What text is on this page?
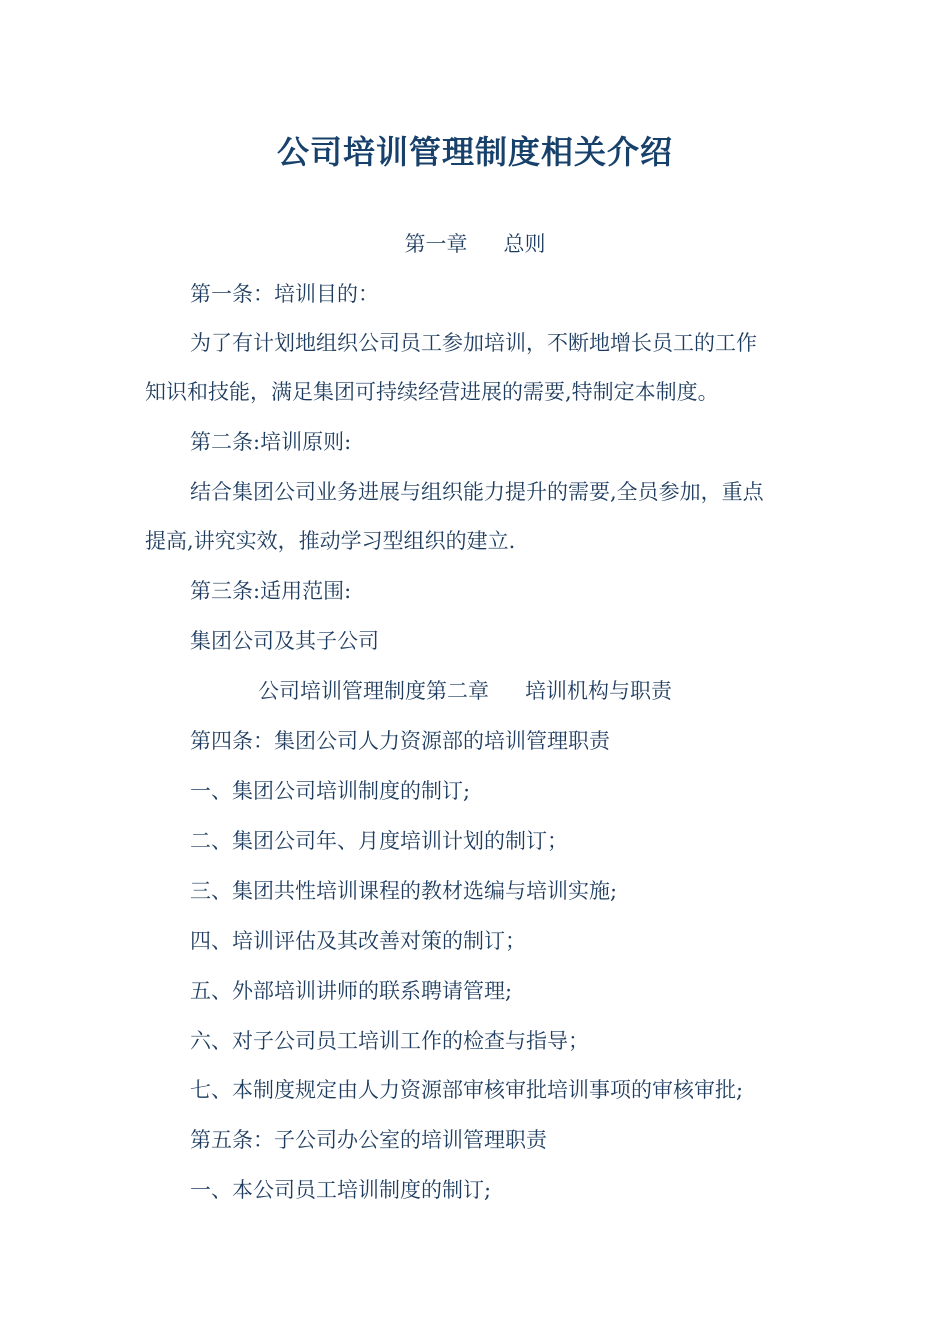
公司培训管理制度相关介绍
第一章 总则
第一条：培训目的：
为了有计划地组织公司员工参加培训，不断地增长员工的工作
知识和技能，满足集团可持续经营进展的需要,特制定本制度。
第二条:培训原则:
结合集团公司业务进展与组织能力提升的需要,全员参加，重点
提高,讲究实效，推动学习型组织的建立.
第三条:适用范围:
集团公司及其子公司
公司培训管理制度第二章 培训机构与职责
第四条：集团公司人力资源部的培训管理职责
一、集团公司培训制度的制订;
二、集团公司年、月度培训计划的制订；
三、集团共性培训课程的教材选编与培训实施;
四、培训评估及其改善对策的制订；
五、外部培训讲师的联系聘请管理;
六、对子公司员工培训工作的检查与指导；
七、本制度规定由人力资源部审核审批培训事项的审核审批;
第五条：子公司办公室的培训管理职责
一、本公司员工培训制度的制订;
